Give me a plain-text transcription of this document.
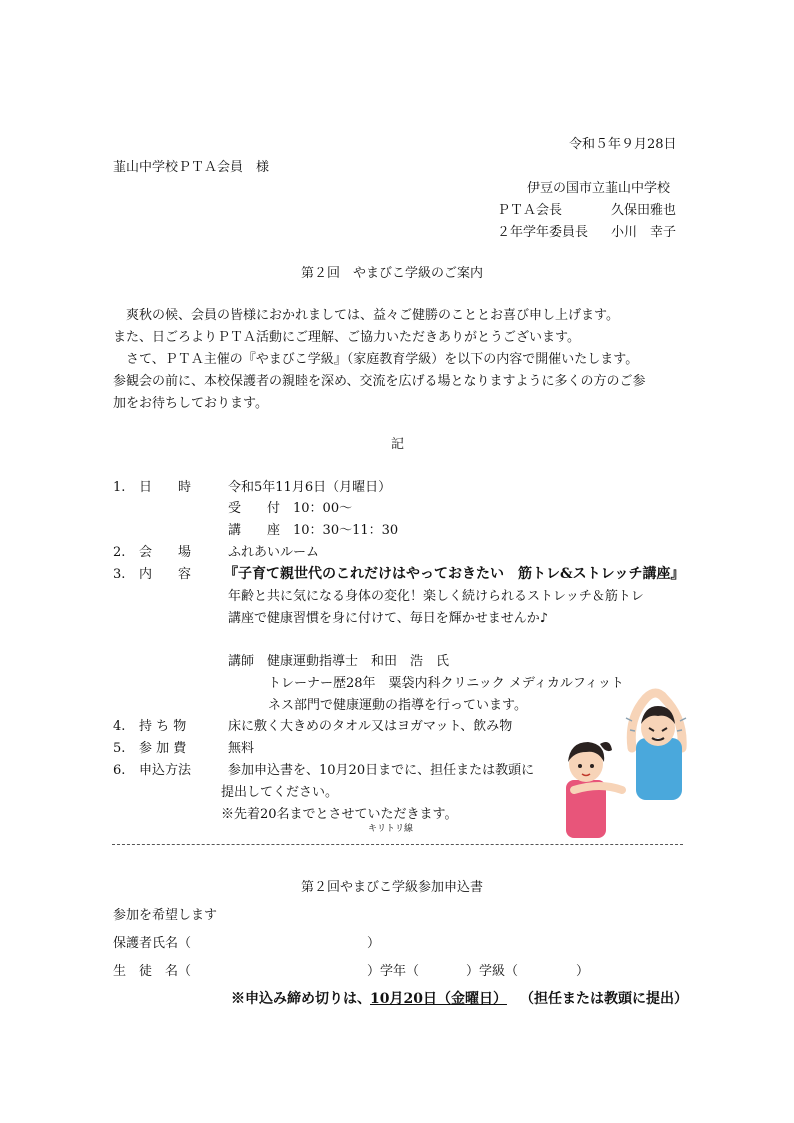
令和５年９月28日
韮山中学校ＰＴＡ会員　様
伊豆の国市立韮山中学校
ＰＴＡ会長	久保田雅也
２年学年委員長 小川　幸子
第２回　やまびこ学級のご案内
爽秋の候、会員の皆様におかれましては、益々ご健勝のこととお喜び申し上げます。
また、日ごろよりＰＴＡ活動にご理解、ご協力いただきありがとうございます。
さて、ＰＴＡ主催の『やまびこ学級』（家庭教育学級）を以下の内容で開催いたします。
参観会の前に、本校保護者の親睦を深め、交流を広げる場となりますように多くの方のご参
加をお待ちしております。
記
1. 日　　時	令和5年11月6日（月曜日）
受　　付　10：00～
講　　座　10：30～11：30
2. 会　　場	ふれあいルーム
3. 内　　容 『子育て親世代のこれだけはやっておきたい　筋トレ&ストレッチ講座』
年齢と共に気になる身体の変化！楽しく続けられるストレッチ＆筋トレ
講座で健康習慣を身に付けて、毎日を輝かせませんか♪
講師　健康運動指導士　和田　浩　氏
トレーナー歴28年　粟袋内科クリニック メディカルフィット
ネス部門で健康運動の指導を行っています。
4. 持 ち 物	床に敷く大きめのタオル又はヨガマット、飲み物
5. 参 加 費	無料
6. 申込方法	参加申込書を、10月20日までに、担任または教頭に
提出してください。
※先着20名までとさせていただきます。
キリトリ線
第２回やまびこ学級参加申込書
参加を希望します
保護者氏名（	）
生　徒　名（	）学年（	）学級（	）
※申込み締め切りは、 10月20日（金曜日） （担任または教頭に提出）
